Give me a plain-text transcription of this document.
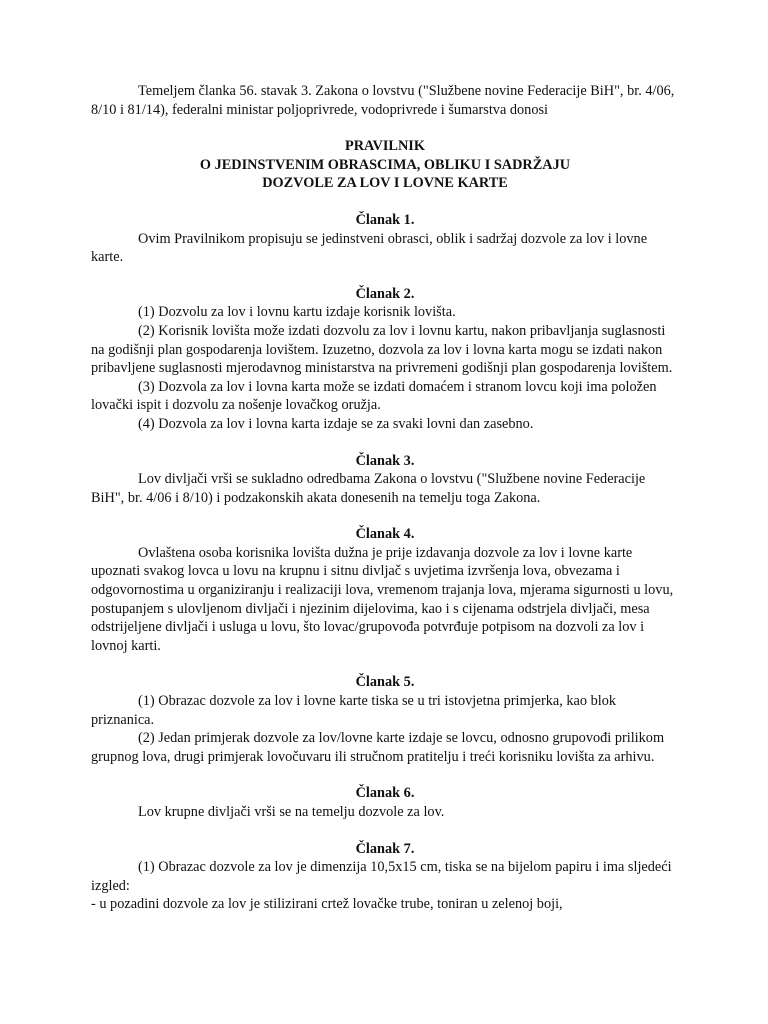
Temeljem članka 56. stavak 3. Zakona o lovstvu ("Službene novine Federacije BiH", br. 4/06, 8/10 i 81/14), federalni ministar poljoprivrede, vodoprivrede i šumarstva donosi

PRAVILNIK
O JEDINSTVENIM OBRASCIMA, OBLIKU I SADRŽAJU
DOZVOLE ZA LOV I LOVNE KARTE

Članak 1.

Ovim Pravilnikom propisuju se jedinstveni obrasci, oblik i sadržaj dozvole za lov i lovne karte.

Članak 2.

(1) Dozvolu za lov i lovnu kartu izdaje korisnik lovišta.

(2) Korisnik lovišta može izdati dozvolu za lov i lovnu kartu, nakon pribavljanja suglasnosti na godišnji plan gospodarenja lovištem. Izuzetno, dozvola za lov i lovna karta mogu se izdati nakon pribavljene suglasnosti mjerodavnog ministarstva na privremeni godišnji plan gospodarenja lovištem.

(3) Dozvola za lov i lovna karta može se izdati domaćem i stranom lovcu koji ima položen lovački ispit i dozvolu za nošenje lovačkog oružja.

(4) Dozvola za lov i lovna karta izdaje se za svaki lovni dan zasebno.

Članak 3.

Lov divljači vrši se sukladno odredbama Zakona o lovstvu ("Službene novine Federacije BiH", br. 4/06 i 8/10) i podzakonskih akata donesenih na temelju toga Zakona.

Članak 4.

Ovlaštena osoba korisnika lovišta dužna je prije izdavanja dozvole za lov i lovne karte upoznati svakog lovca u lovu na krupnu i sitnu divljač s uvjetima izvršenja lova, obvezama i odgovornostima u organiziranju i realizaciji lova, vremenom trajanja lova, mjerama sigurnosti u lovu, postupanjem s ulovljenom divljači i njezinim dijelovima, kao i s cijenama odstrjela divljači, mesa odstrijeljene divljači i usluga u lovu, što lovac/grupovođa potvrđuje potpisom na dozvoli za lov i lovnoj karti.

Članak 5.

(1) Obrazac dozvole za lov i lovne karte tiska se u tri istovjetna primjerka, kao blok priznanica.

(2) Jedan primjerak dozvole za lov/lovne karte izdaje se lovcu, odnosno grupovođi prilikom grupnog lova, drugi primjerak lovočuvaru ili stručnom pratitelju i treći korisniku lovišta za arhivu.

Članak 6.

Lov krupne divljači vrši se na temelju dozvole za lov.

Članak 7.

(1) Obrazac dozvole za lov je dimenzija 10,5x15 cm, tiska se na bijelom papiru i ima sljedeći izgled:

- u pozadini dozvole za lov je stilizirani crtež lovačke trube, toniran u zelenoj boji,
